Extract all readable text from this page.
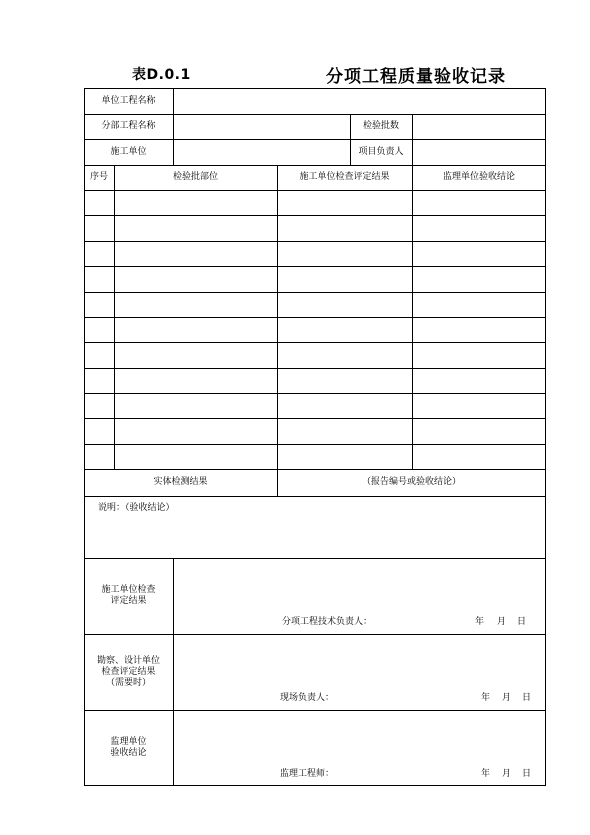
表D.0.1	分项工程质量验收记录
单位工程名称
分部工程名称	检验批数
施工单位	项目负责人
序号	检验批部位	施工单位检查评定结果	监理单位验收结论
实体检测结果	（报告编号或验收结论）
说明：（验收结论）
施工单位检查
评定结果
分项工程技术负责人：	年 月 日
勘察、设计单位
检查评定结果
（需要时）
现场负责人：	年 月 日
监理单位
验收结论
监理工程师：	年 月 日
